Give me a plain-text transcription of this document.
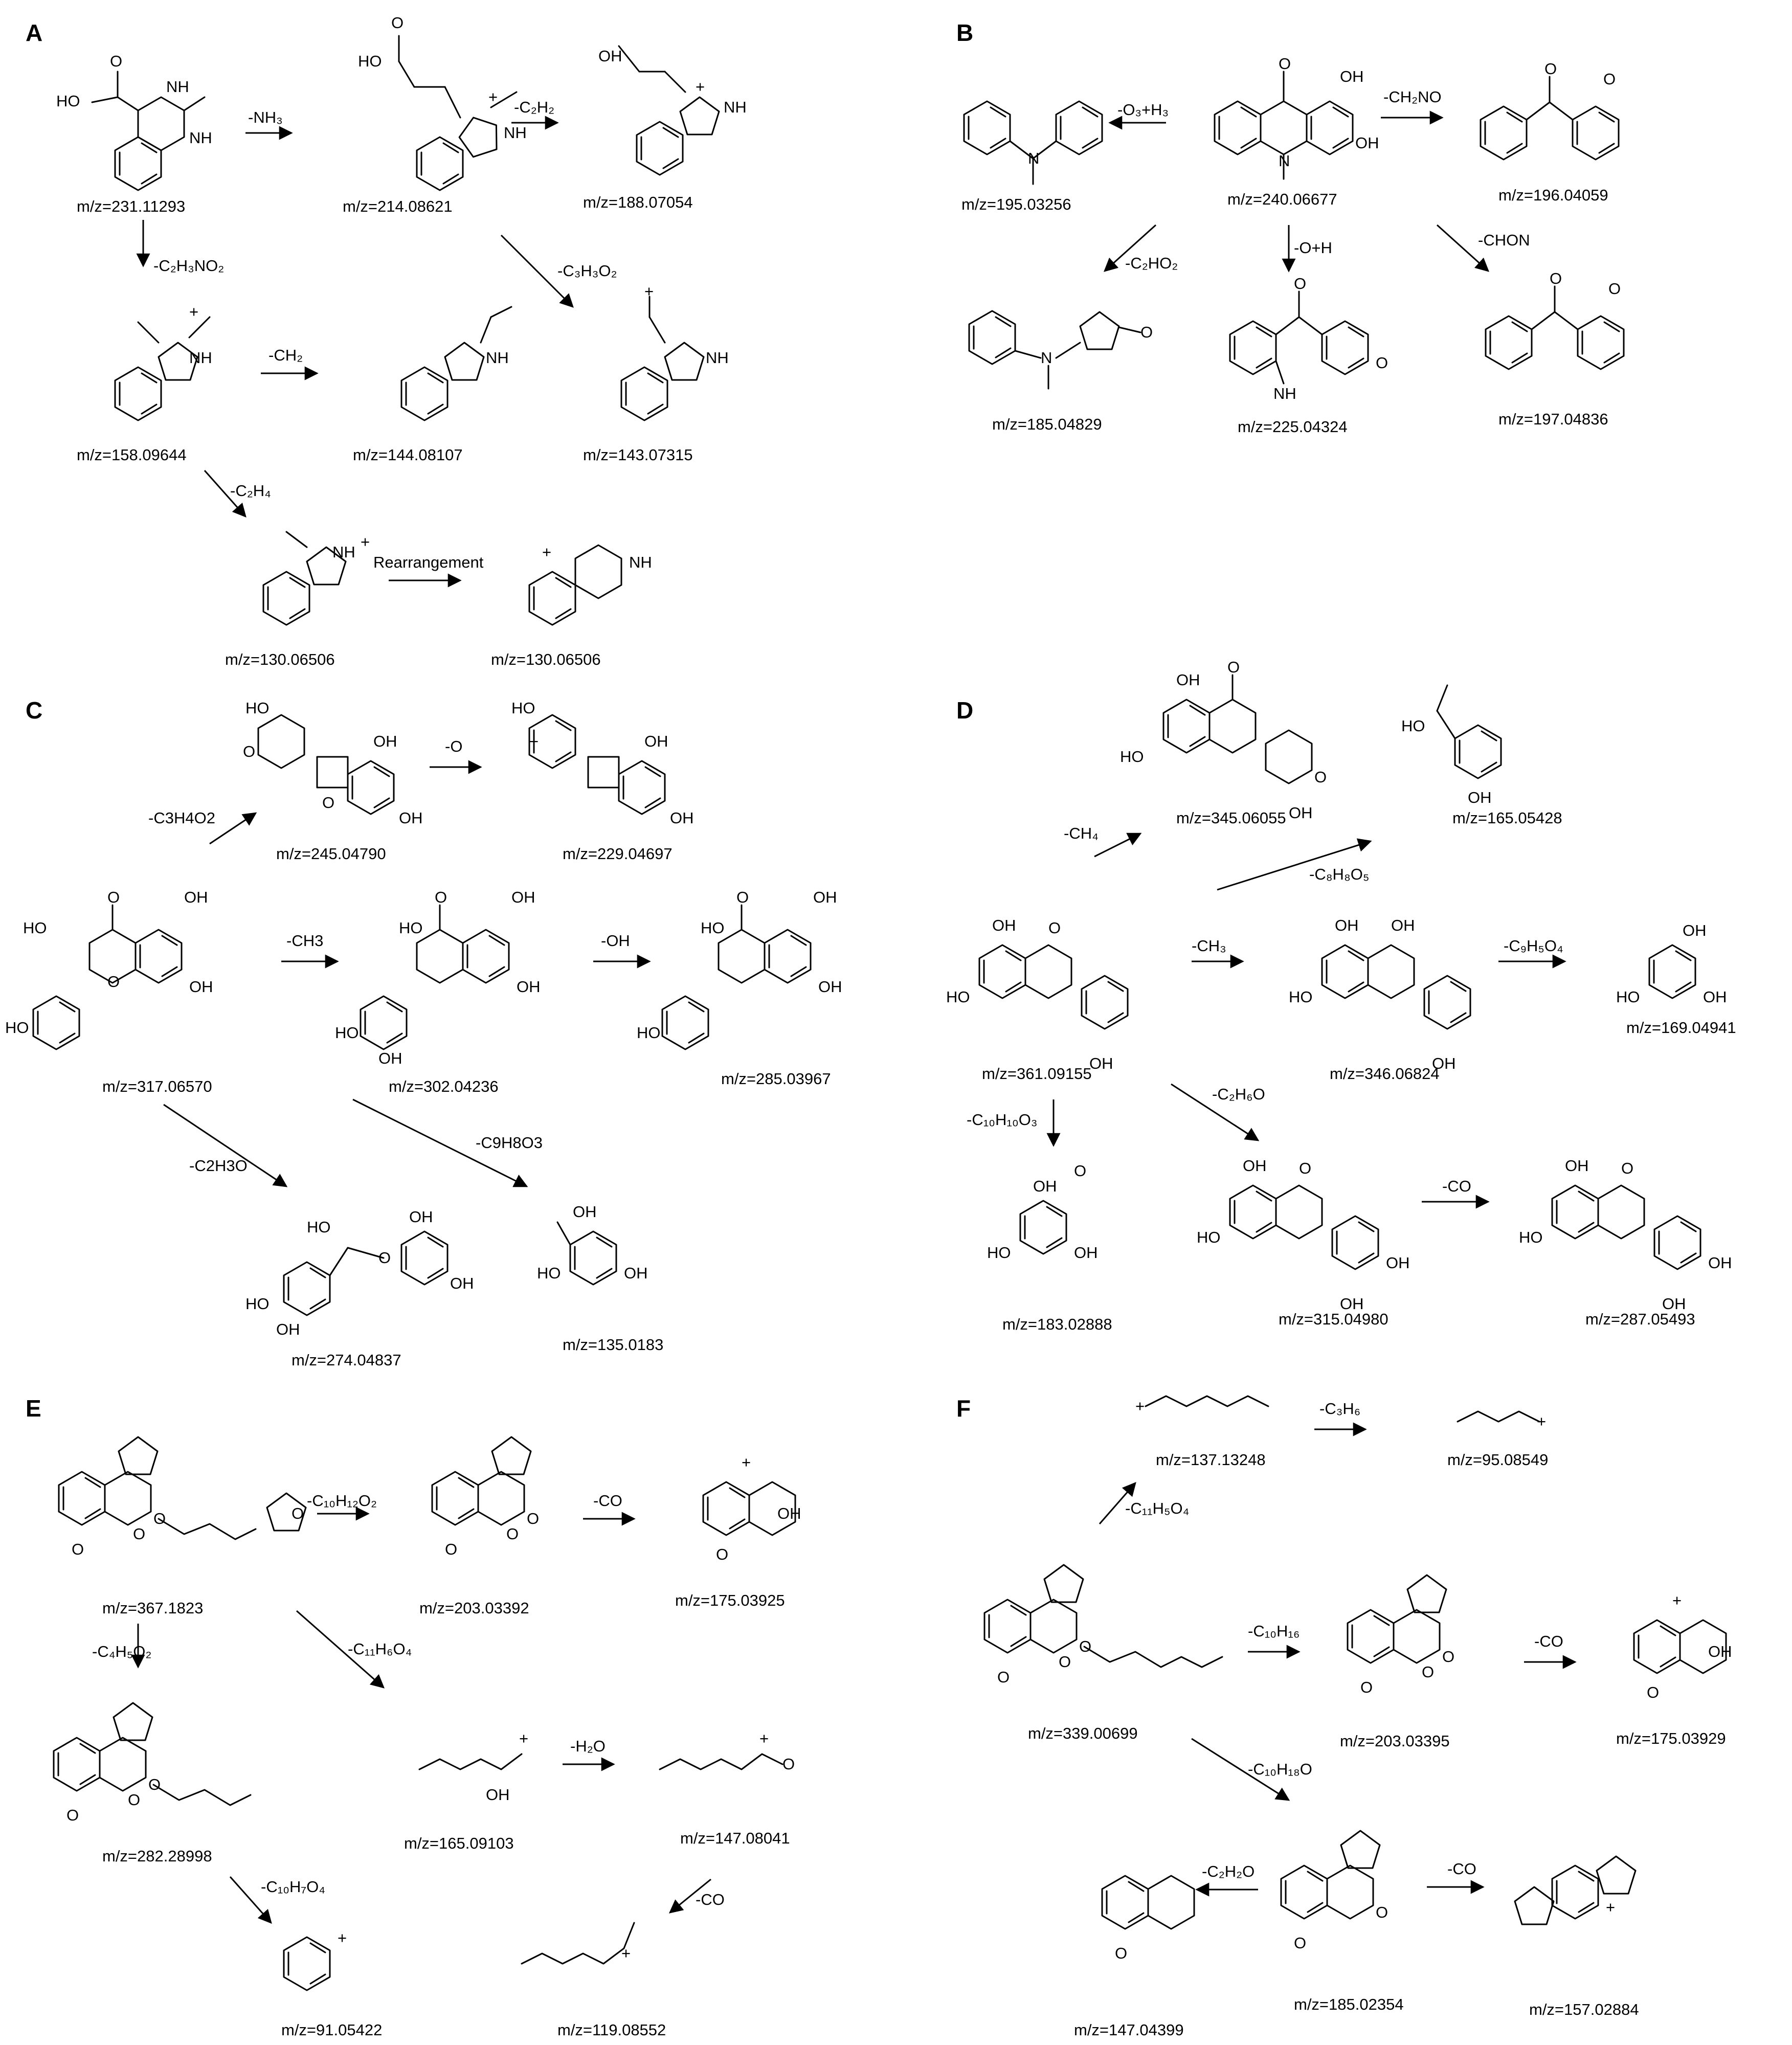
A
O
HO
NH
NH
m/z=231.11293
-NH₃
O
HO
+
NH
m/z=214.08621
-C₂H₂
OH
+
NH
m/z=188.07054
-C₂H₃NO₂	-C₃H₃O₂
+
NH
m/z=158.09644
-CH₂	NH
m/z=144.08107
+
NH
m/z=143.07315
-C₂H₄
NH
+
m/z=130.06506
Rearrangement
+
NH
m/z=130.06506
B
N
m/z=195.03256
-O₃+H₃
O
N
OH
OH
m/z=240.06677
-CH₂NO
O
O
m/z=196.04059
-C₂HO₂
-O+H	-CHON
N
O
m/z=185.04829
O
NH
O
m/z=225.04324
O
O
m/z=197.04836
C	HO
O
OH
OH
O
m/z=245.04790
-C3H4O2
-O
HO
+	OH
OH
m/z=229.04697
O
HO
OH
OH
HO
O
m/z=317.06570
-CH3
O
HO
OH
OH
HO
OH
m/z=302.04236
-OH
O
HO
OH
OH
HO
m/z=285.03967
-C2H3O
-C9H8O3
HO
O
OH
OH
HO
OH
m/z=274.04837
OH
HO	OH
m/z=135.0183
D
O
OH
HO
OH
O
m/z=345.06055
HO
OH
m/z=165.05428
-CH₄
-C₈H₈O₅
OH O
HO
OH
m/z=361.09155
-CH₃
OH OH
HO
OH
m/z=346.06824
-C₉H₅O₄
OH
HO	OH
m/z=169.04941
-C₁₀H₁₀O₃
-C₂H₆O
OH
O
HO	OH
m/z=183.02888
OH O
HO
OH
OH
m/z=315.04980
-CO
OH O
HO
OH
OH
m/z=287.05493
E
O	O
O
O
m/z=367.1823
-C₁₀H₁₂O₂
O
O
O
m/z=203.03392
-CO
OH
+
O
m/z=175.03925
-C₄H₅O₂	-C₁₁H₆O₄
O
O
O
m/z=282.28998
+
OH
m/z=165.09103
-H₂O	+
O
m/z=147.08041
-C₁₀H₇O₄
+
m/z=91.05422
-CO
+
m/z=119.08552
F	+
m/z=137.13248
-C₃H₆
+
m/z=95.08549
-C₁₁H₅O₄
O
O
O
m/z=339.00699
-C₁₀H₁₆
O
O
O
m/z=203.03395
-CO
OH
+
O
m/z=175.03929
-C₁₀H₁₈O
O
O
m/z=185.02354
-C₂H₂O
O
m/z=147.04399
-CO
+
m/z=157.02884
